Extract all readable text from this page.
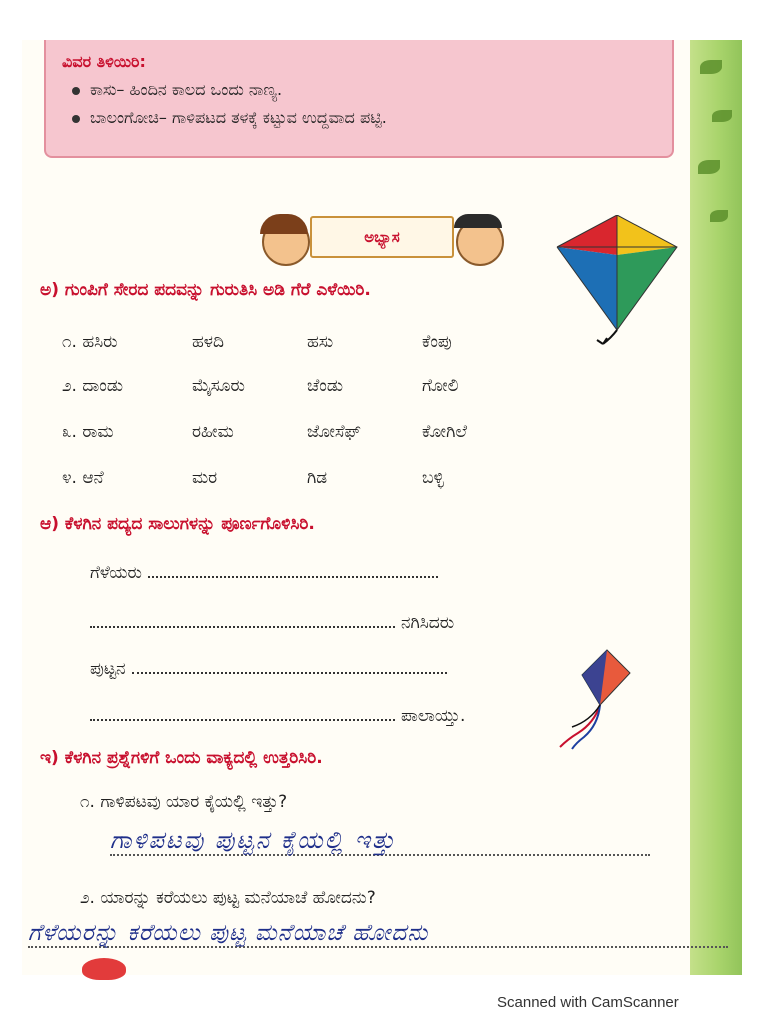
ವಿವರ ತಿಳಿಯಿರಿ:
ಕಾಸು– ಹಿಂದಿನ ಕಾಲದ ಒಂದು ನಾಣ್ಯ.
ಬಾಲಂಗೋಚಿ– ಗಾಳಿಪಟದ ತಳಕ್ಕೆ ಕಟ್ಟುವ ಉದ್ದವಾದ ಪಟ್ಟಿ.
ಅಭ್ಯಾಸ
ಅ) ಗುಂಪಿಗೆ ಸೇರದ ಪದವನ್ನು ಗುರುತಿಸಿ ಅಡಿ ಗೆರೆ ಎಳೆಯಿರಿ.
೧. ಹಸಿರು	ಹಳದಿ	ಹಸು	ಕೆಂಪು
೨. ದಾಂಡು	ಮೈಸೂರು	ಚೆಂಡು	ಗೋಲಿ
೩. ರಾಮ	ರಹೀಮ	ಜೋಸೆಫ್	ಕೋಗಿಲೆ
೪. ಆನೆ	ಮರ	ಗಿಡ	ಬಳ್ಳಿ
ಆ) ಕೆಳಗಿನ ಪದ್ಯದ ಸಾಲುಗಳನ್ನು ಪೂರ್ಣಗೊಳಿಸಿರಿ.
ಗೆಳೆಯರು
ನಗಿಸಿದರು
ಪುಟ್ಟನ
ಪಾಲಾಯ್ತು.
ಇ) ಕೆಳಗಿನ ಪ್ರಶ್ನೆಗಳಿಗೆ ಒಂದು ವಾಕ್ಯದಲ್ಲಿ ಉತ್ತರಿಸಿರಿ.
೧. ಗಾಳಿಪಟವು ಯಾರ ಕೈಯಲ್ಲಿ ಇತ್ತು?
ಗಾಳಿಪಟವು ಪುಟ್ಟನ ಕೈಯಲ್ಲಿ ಇತ್ತು
೨. ಯಾರನ್ನು ಕರೆಯಲು ಪುಟ್ಟ ಮನೆಯಾಚೆ ಹೋದನು?
ಗೆಳೆಯರನ್ನು ಕರೆಯಲು ಪುಟ್ಟ ಮನೆಯಾಚೆ ಹೋದನು
Scanned with CamScanner
